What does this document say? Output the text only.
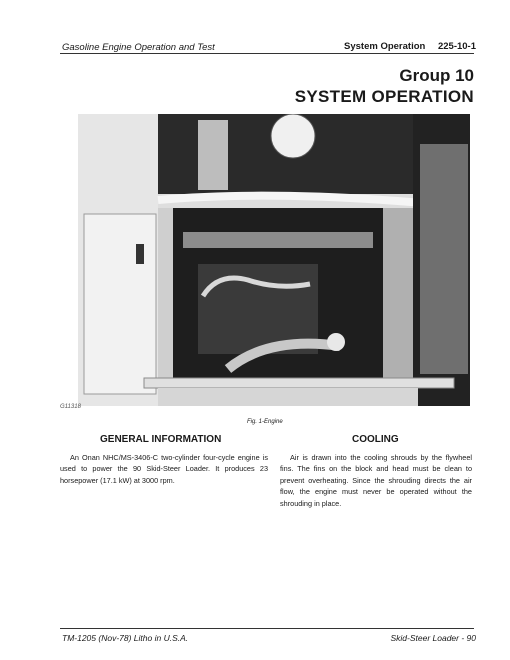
Gasoline Engine Operation and Test	System Operation 225-10-1
Group 10
SYSTEM OPERATION
G11318
Fig. 1-Engine
GENERAL INFORMATION
An Onan NHC/MS-3406-C two-cylinder four-cycle engine is used to power the 90 Skid-Steer Loader. It produces 23 horsepower (17.1 kW) at 3000 rpm.
COOLING
Air is drawn into the cooling shrouds by the flywheel fins. The fins on the block and head must be clean to prevent overheating. Since the shrouding directs the air flow, the engine must never be operated without the shrouding in place.
TM-1205 (Nov-78) Litho in U.S.A.	Skid-Steer Loader - 90
